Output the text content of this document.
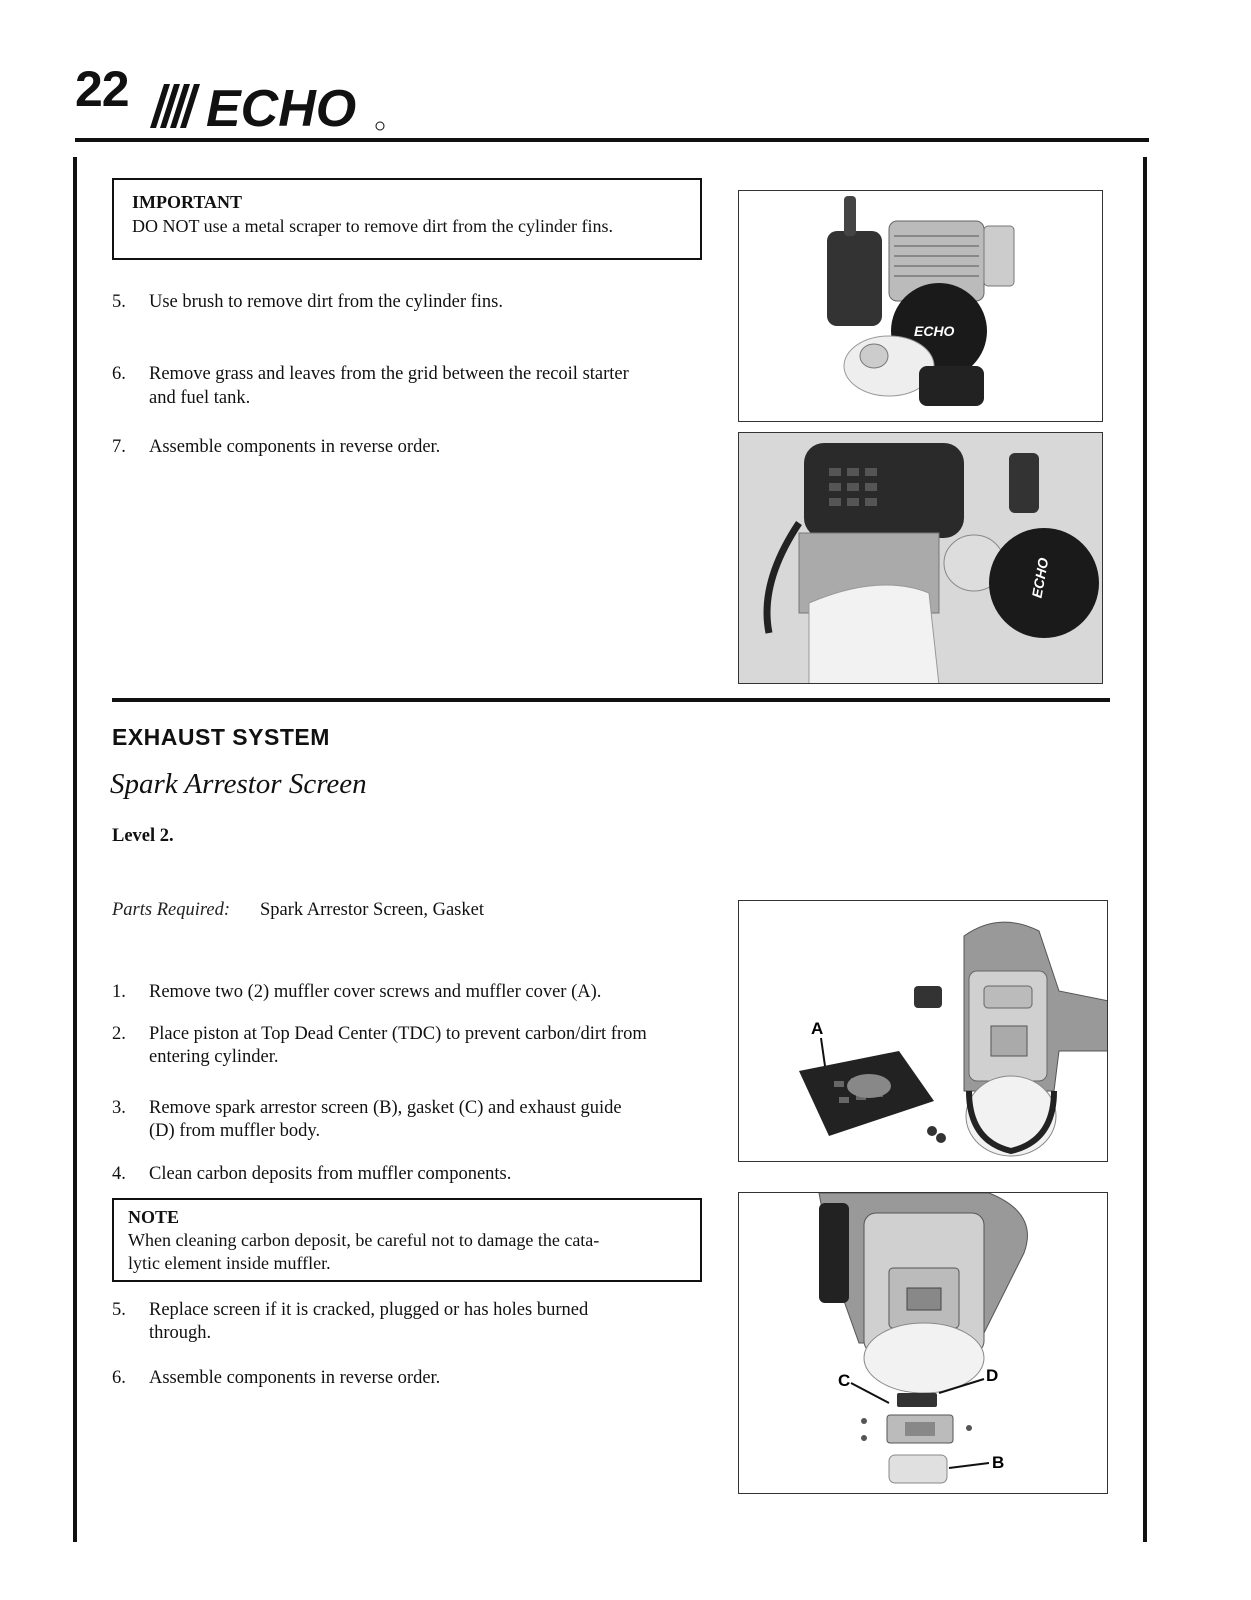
22 ECHO
IMPORTANT
DO NOT use a metal scraper to remove dirt from the cylinder fins.
5. Use brush to remove dirt from the cylinder fins.
6. Remove grass and leaves from the grid between the recoil starter
and fuel tank.
7. Assemble components in reverse order.
ECHO
ECHO
EXHAUST SYSTEM
Spark Arrestor Screen
Level 2.
Parts Required: Spark Arrestor Screen, Gasket
1. Remove two (2) muffler cover screws and muffler cover (A).
2. Place piston at Top Dead Center (TDC) to prevent carbon/dirt from
entering cylinder.
3. Remove spark arrestor screen (B), gasket (C) and exhaust guide
(D) from muffler body.
4. Clean carbon deposits from muffler components.
NOTE
When cleaning carbon deposit, be careful not to damage the cata-
lytic element inside muffler.
5. Replace screen if it is cracked, plugged or has holes burned
through.
6. Assemble components in reverse order.
A
C	D
B
